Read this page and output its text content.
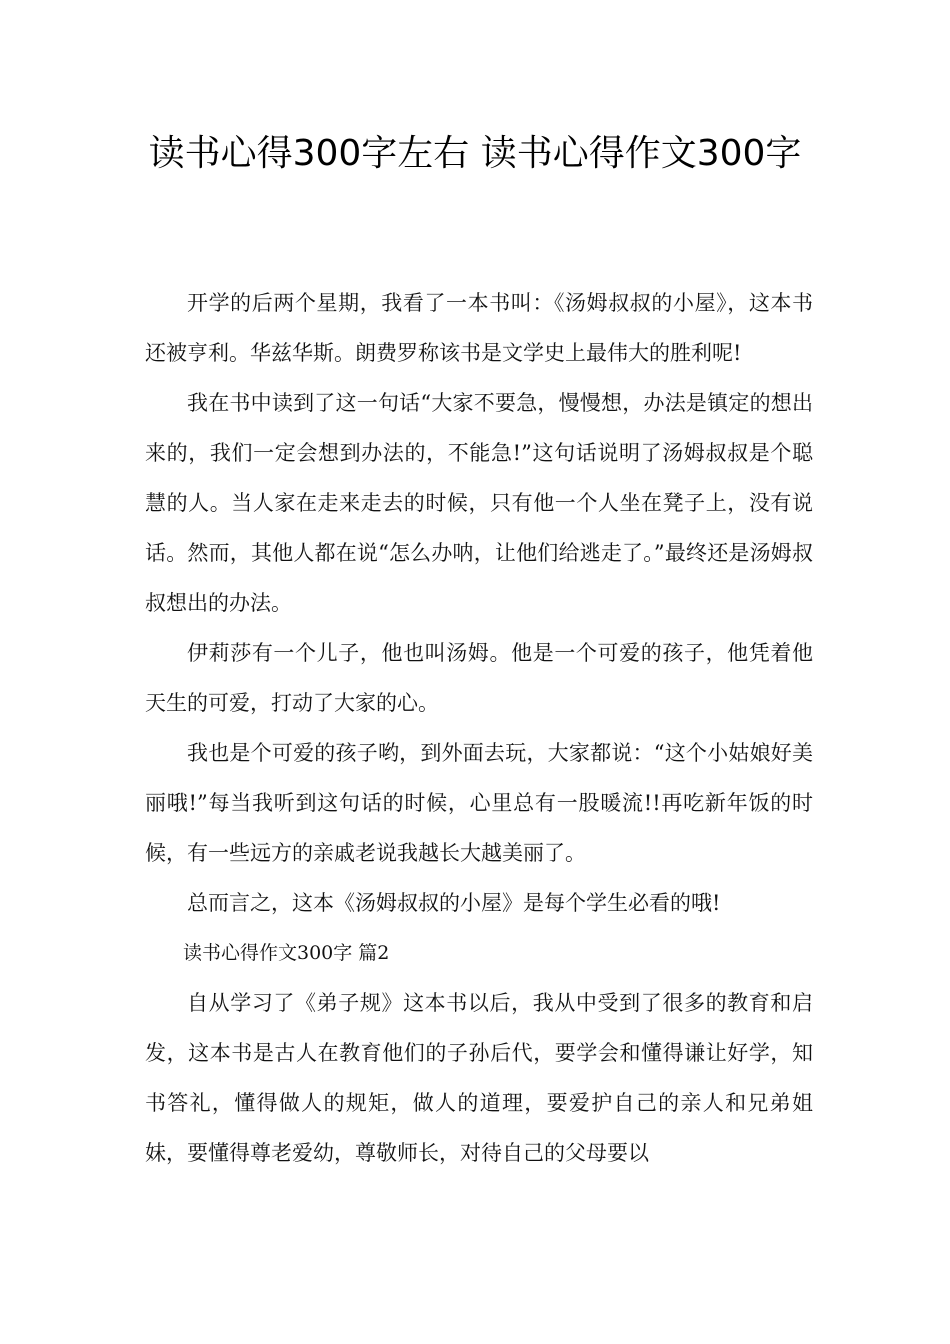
读书心得300字左右 读书心得作文300字

开学的后两个星期，我看了一本书叫：《汤姆叔叔的小屋》，这本书还被亨利。华兹华斯。朗费罗称该书是文学史上最伟大的胜利呢!

我在书中读到了这一句话“大家不要急，慢慢想，办法是镇定的想出来的，我们一定会想到办法的，不能急!”这句话说明了汤姆叔叔是个聪慧的人。当人家在走来走去的时候，只有他一个人坐在凳子上，没有说话。然而，其他人都在说“怎么办呐，让他们给逃走了。”最终还是汤姆叔叔想出的办法。

伊莉莎有一个儿子，他也叫汤姆。他是一个可爱的孩子，他凭着他天生的可爱，打动了大家的心。

我也是个可爱的孩子哟，到外面去玩，大家都说：“这个小姑娘好美丽哦!”每当我听到这句话的时候，心里总有一股暖流!!再吃新年饭的时候，有一些远方的亲戚老说我越长大越美丽了。

总而言之，这本《汤姆叔叔的小屋》是每个学生必看的哦!

读书心得作文300字 篇2

自从学习了《弟子规》这本书以后，我从中受到了很多的教育和启发，这本书是古人在教育他们的子孙后代，要学会和懂得谦让好学，知书答礼，懂得做人的规矩，做人的道理，要爱护自己的亲人和兄弟姐妹，要懂得尊老爱幼，尊敬师长，对待自己的父母要以
